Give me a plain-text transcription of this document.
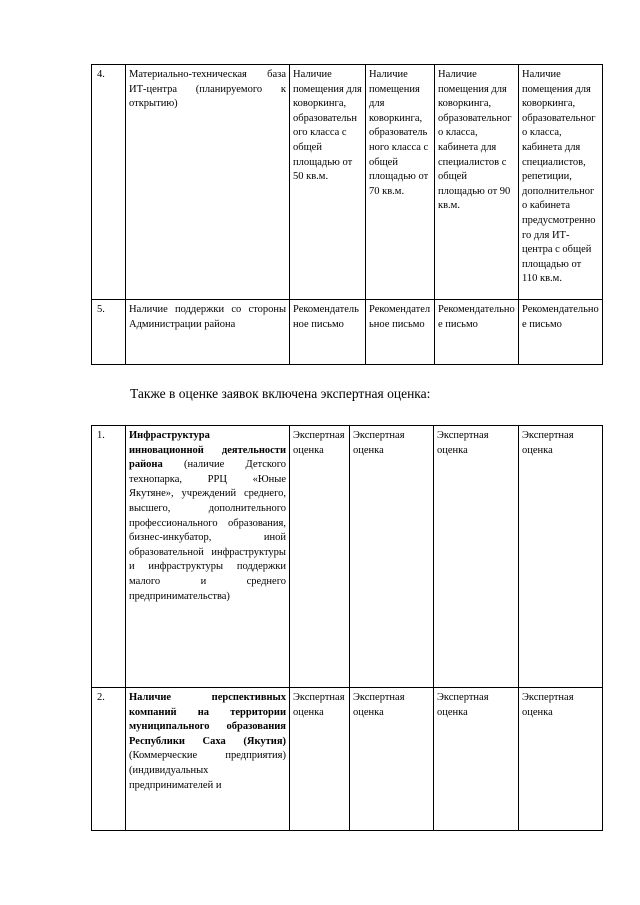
4.	Материально-техническая база ИТ-центра (планируемого к открытию)	Наличие помещения для коворкинга, образовательного класса с общей площадью от 50 кв.м.	Наличие помещения для коворкинга, образовательного класса с общей площадью от 70 кв.м.	Наличие помещения для коворкинга, образовательного класса, кабинета для специалистов с общей площадью от 90 кв.м.	Наличие помещения для коворкинга, образовательного класса, кабинета для специалистов, репетиции, дополнительного кабинета предусмотренного для ИТ-центра с общей площадью от 110 кв.м.
5.	Наличие поддержки со стороны Администрации района	Рекомендательное письмо	Рекомендательное письмо	Рекомендательное письмо	Рекомендательное письмо
Также в оценке заявок включена экспертная оценка:
1.	Инфраструктура инновационной деятельности района (наличие Детского технопарка, РРЦ «Юные Якутяне», учреждений среднего, высшего, дополнительного профессионального образования, бизнес-инкубатор, иной образовательной инфраструктуры и инфраструктуры поддержки малого и среднего предпринимательства)	Экспертная оценка	Экспертная оценка	Экспертная оценка	Экспертная оценка
2.	Наличие перспективных компаний на территории муниципального образования Республики Саха (Якутия) (Коммерческие предприятия) (индивидуальных предпринимателей и	Экспертная оценка	Экспертная оценка	Экспертная оценка	Экспертная оценка
